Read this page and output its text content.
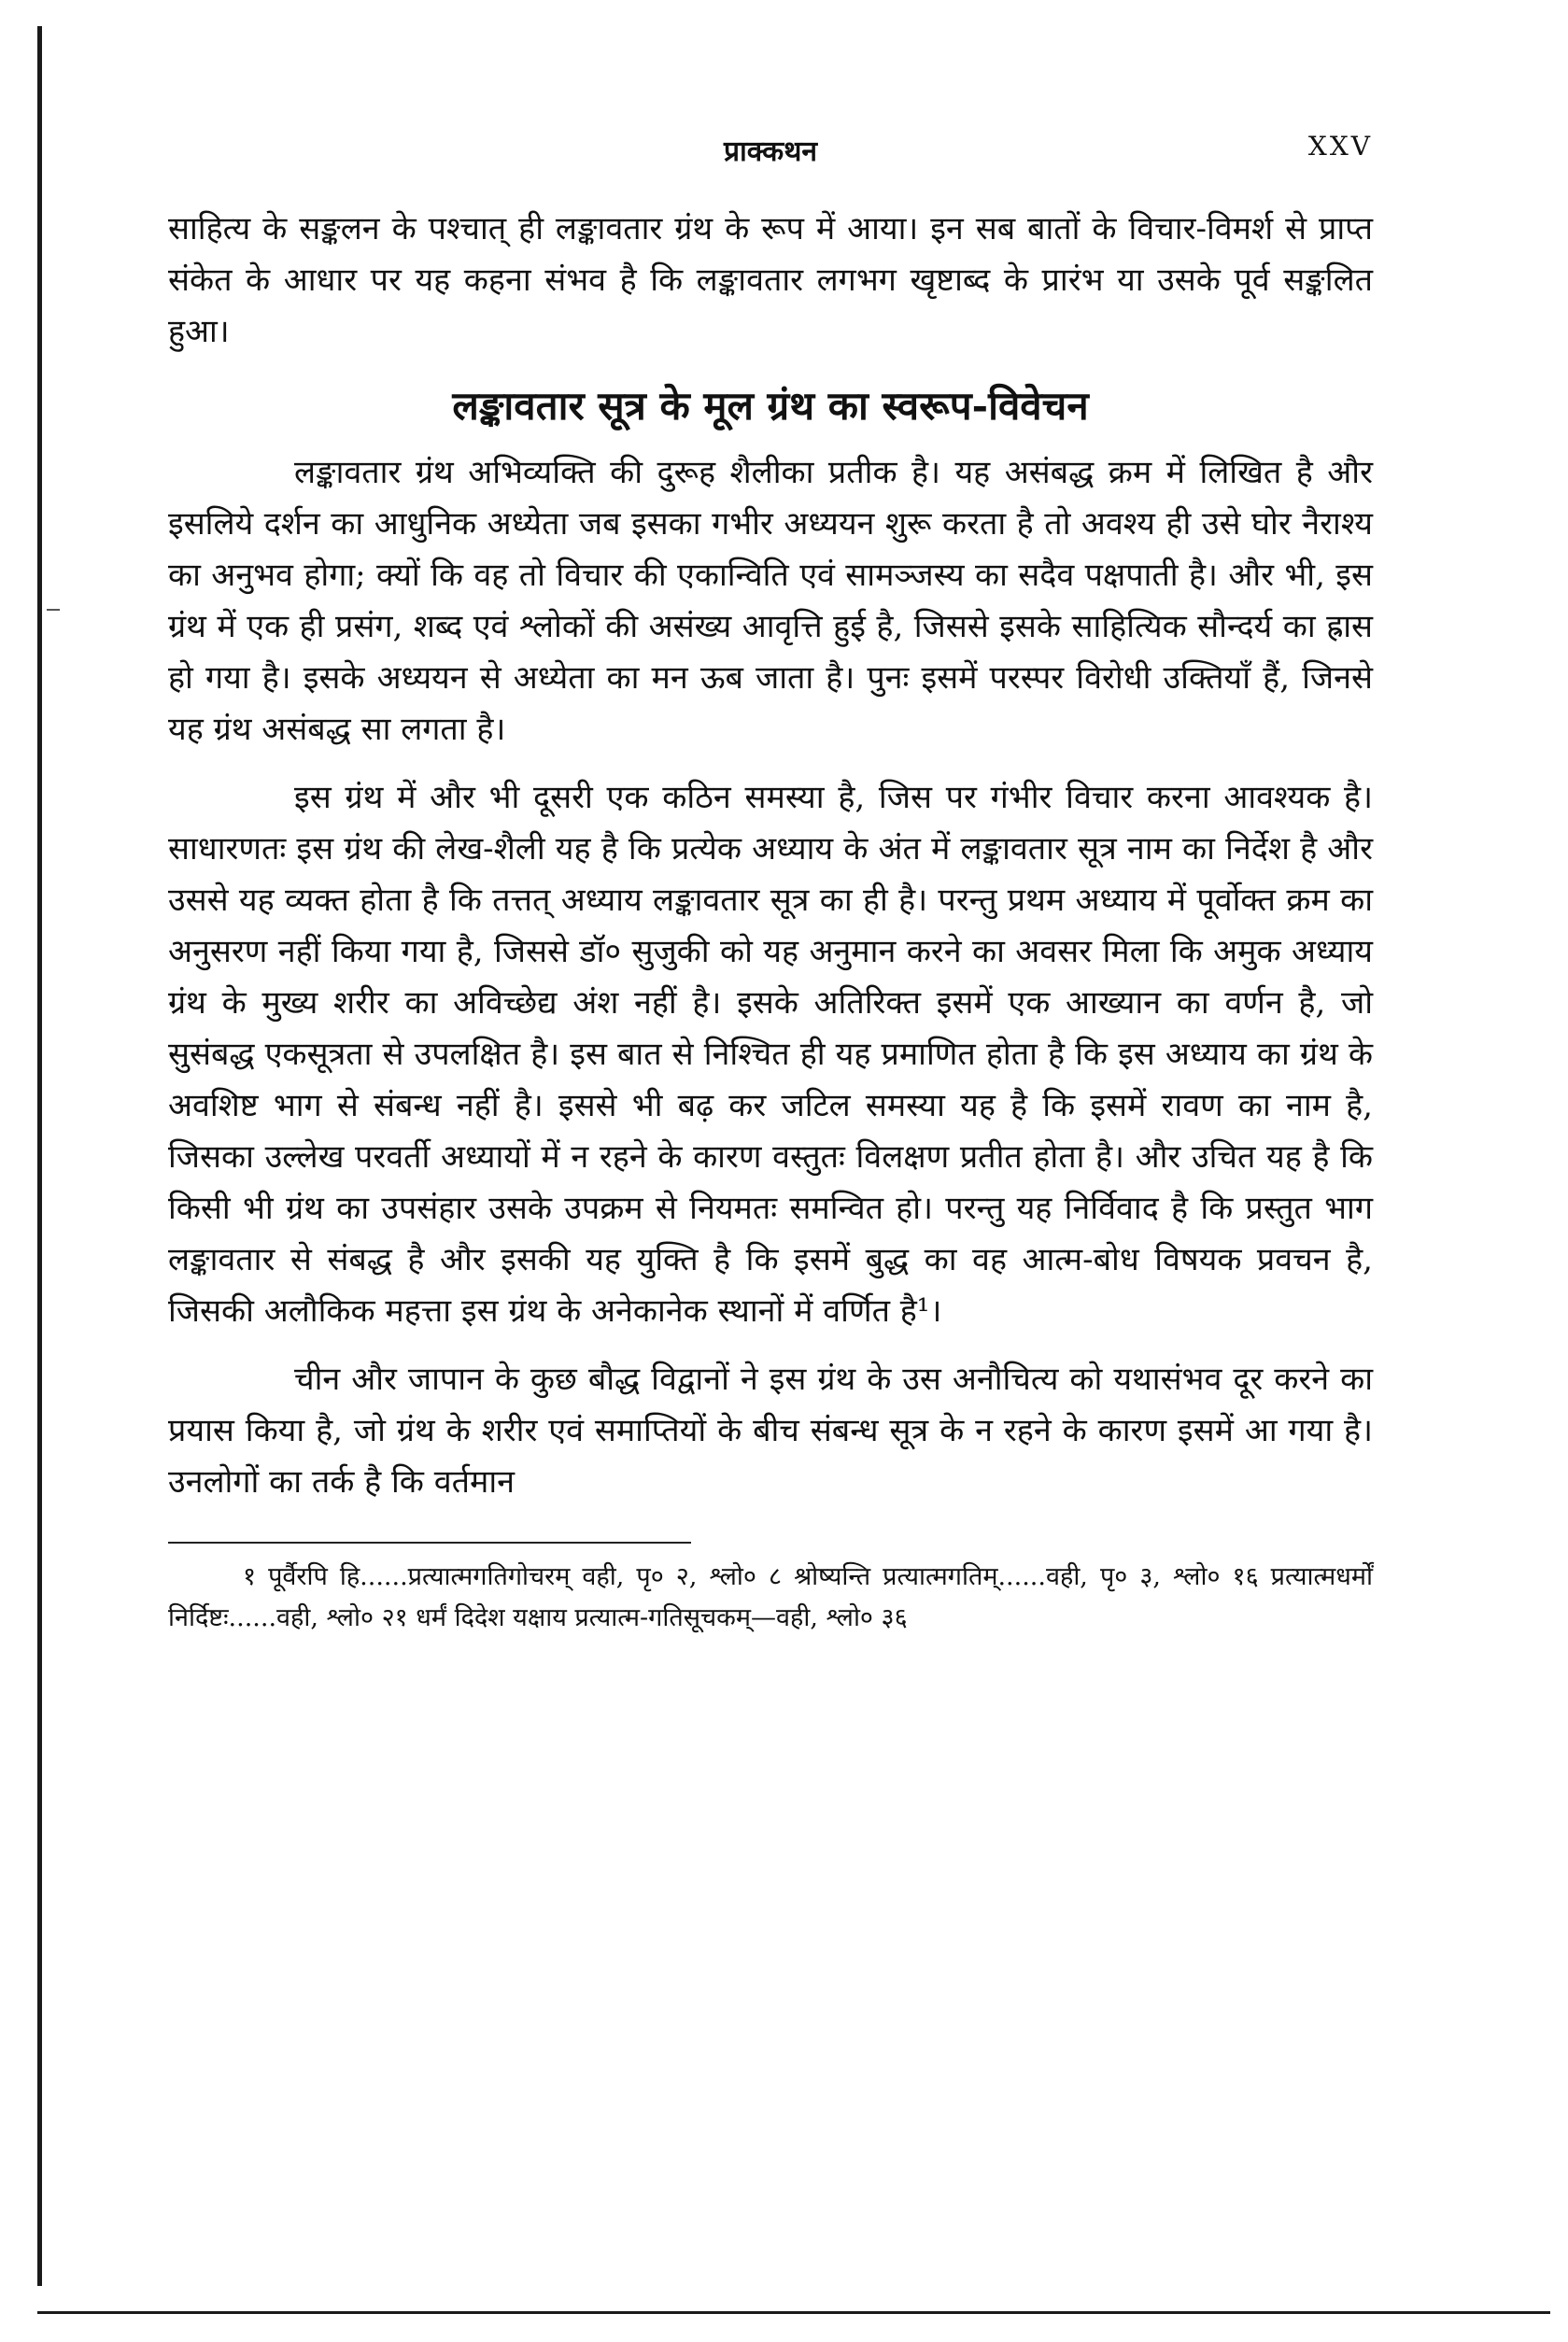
प्राक्कथन	XXV

साहित्य के सङ्कलन के पश्चात् ही लङ्कावतार ग्रंथ के रूप में आया। इन सब बातों के विचार-विमर्श से प्राप्त संकेत के आधार पर यह कहना संभव है कि लङ्कावतार लगभग खृष्टाब्द के प्रारंभ या उसके पूर्व सङ्कलित हुआ।

लङ्कावतार सूत्र के मूल ग्रंथ का स्वरूप-विवेचन

लङ्कावतार ग्रंथ अभिव्यक्ति की दुरूह शैलीका प्रतीक है। यह असंबद्ध क्रम में लिखित है और इसलिये दर्शन का आधुनिक अध्येता जब इसका गभीर अध्ययन शुरू करता है तो अवश्य ही उसे घोर नैराश्य का अनुभव होगा; क्यों कि वह तो विचार की एकान्विति एवं सामञ्जस्य का सदैव पक्षपाती है। और भी, इस ग्रंथ में एक ही प्रसंग, शब्द एवं श्लोकों की असंख्य आवृत्ति हुई है, जिससे इसके साहित्यिक सौन्दर्य का ह्रास हो गया है। इसके अध्ययन से अध्येता का मन ऊब जाता है। पुनः इसमें परस्पर विरोधी उक्तियाँ हैं, जिनसे यह ग्रंथ असंबद्ध सा लगता है।

इस ग्रंथ में और भी दूसरी एक कठिन समस्या है, जिस पर गंभीर विचार करना आवश्यक है। साधारणतः इस ग्रंथ की लेख-शैली यह है कि प्रत्येक अध्याय के अंत में लङ्कावतार सूत्र नाम का निर्देश है और उससे यह व्यक्त होता है कि तत्तत् अध्याय लङ्कावतार सूत्र का ही है। परन्तु प्रथम अध्याय में पूर्वोक्त क्रम का अनुसरण नहीं किया गया है, जिससे डॉ० सुजुकी को यह अनुमान करने का अवसर मिला कि अमुक अध्याय ग्रंथ के मुख्य शरीर का अविच्छेद्य अंश नहीं है। इसके अतिरिक्त इसमें एक आख्यान का वर्णन है, जो सुसंबद्ध एकसूत्रता से उपलक्षित है। इस बात से निश्चित ही यह प्रमाणित होता है कि इस अध्याय का ग्रंथ के अवशिष्ट भाग से संबन्ध नहीं है। इससे भी बढ़ कर जटिल समस्या यह है कि इसमें रावण का नाम है, जिसका उल्लेख परवर्ती अध्यायों में न रहने के कारण वस्तुतः विलक्षण प्रतीत होता है। और उचित यह है कि किसी भी ग्रंथ का उपसंहार उसके उपक्रम से नियमतः समन्वित हो। परन्तु यह निर्विवाद है कि प्रस्तुत भाग लङ्कावतार से संबद्ध है और इसकी यह युक्ति है कि इसमें बुद्ध का वह आत्म-बोध विषयक प्रवचन है, जिसकी अलौकिक महत्ता इस ग्रंथ के अनेकानेक स्थानों में वर्णित है¹।

चीन और जापान के कुछ बौद्ध विद्वानों ने इस ग्रंथ के उस अनौचित्य को यथासंभव दूर करने का प्रयास किया है, जो ग्रंथ के शरीर एवं समाप्तियों के बीच संबन्ध सूत्र के न रहने के कारण इसमें आ गया है। उनलोगों का तर्क है कि वर्तमान

१ पूर्वैरपि हि......प्रत्यात्मगतिगोचरम् वही, पृ० २, श्लो० ८ श्रोष्यन्ति प्रत्यात्मगतिम्......वही, पृ० ३, श्लो० १६ प्रत्यात्मधर्मों निर्दिष्टः......वही, श्लो० २१ धर्मं दिदेश यक्षाय प्रत्यात्म-गतिसूचकम्—वही, श्लो० ३६
